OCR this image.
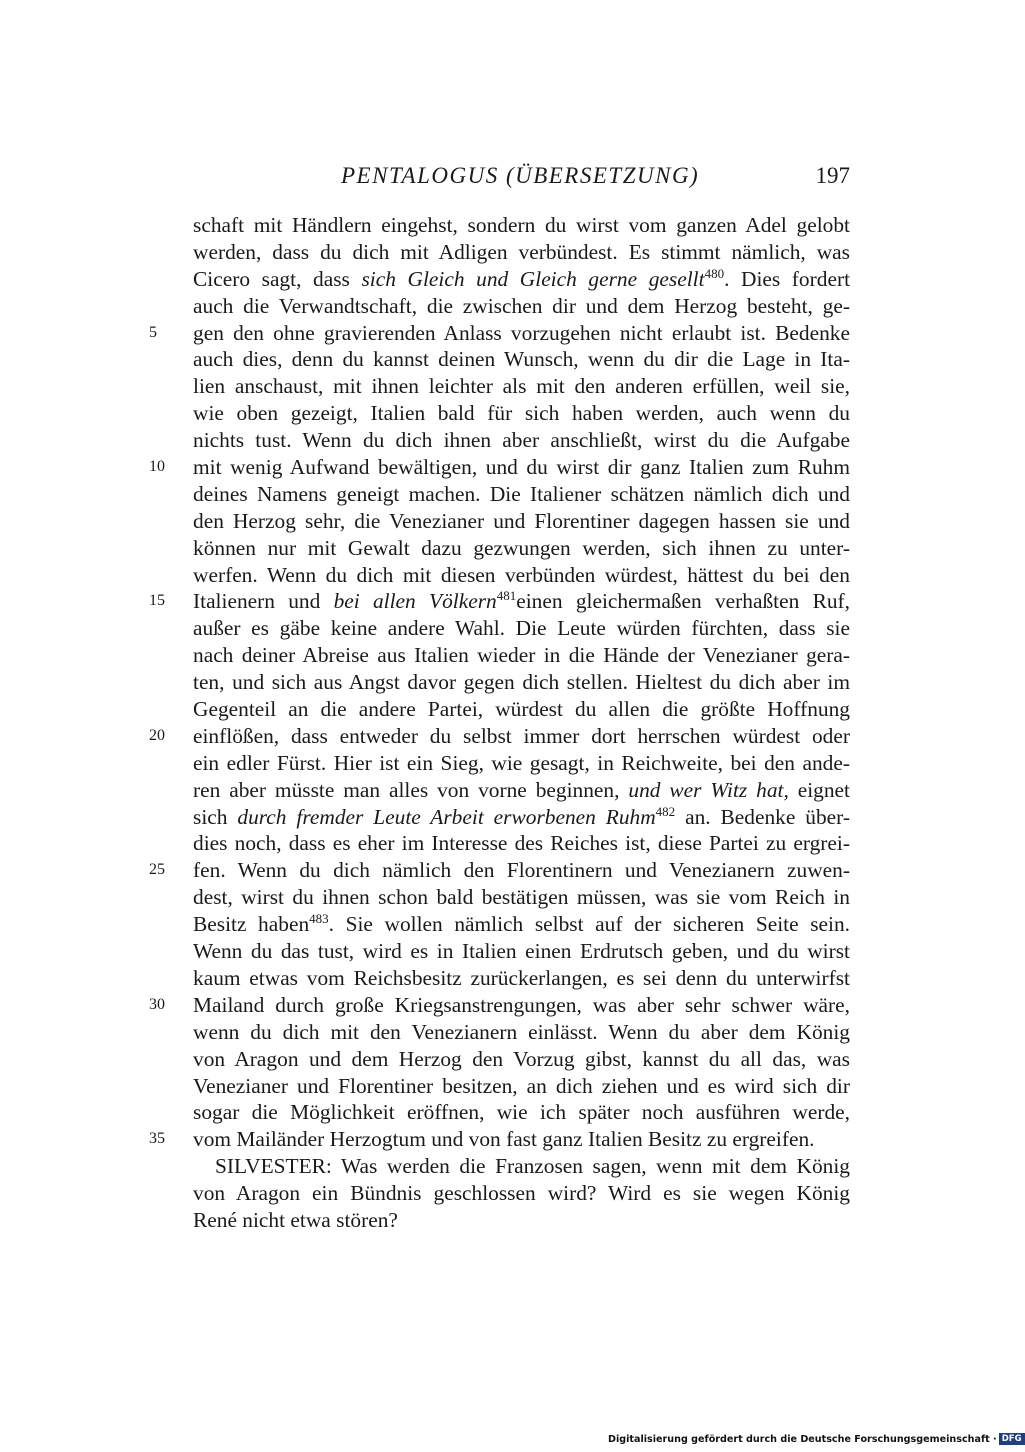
PENTALOGUS (ÜBERSETZUNG)	197
schaft mit Händlern eingehst, sondern du wirst vom ganzen Adel gelobt
werden, dass du dich mit Adligen verbündest. Es stimmt nämlich, was
Cicero sagt, dass sich Gleich und Gleich gerne gesellt$^{480}$. Dies fordert
auch die Verwandtschaft, die zwischen dir und dem Herzog besteht, ge-
5	gen den ohne gravierenden Anlass vorzugehen nicht erlaubt ist. Bedenke
auch dies, denn du kannst deinen Wunsch, wenn du dir die Lage in Ita-
lien anschaust, mit ihnen leichter als mit den anderen erfüllen, weil sie,
wie oben gezeigt, Italien bald für sich haben werden, auch wenn du
nichts tust. Wenn du dich ihnen aber anschließt, wirst du die Aufgabe
10	mit wenig Aufwand bewältigen, und du wirst dir ganz Italien zum Ruhm
deines Namens geneigt machen. Die Italiener schätzen nämlich dich und
den Herzog sehr, die Venezianer und Florentiner dagegen hassen sie und
können nur mit Gewalt dazu gezwungen werden, sich ihnen zu unter-
werfen. Wenn du dich mit diesen verbünden würdest, hättest du bei den
15	Italienern und bei allen Völkern$^{481}$einen gleichermaßen verhaßten Ruf,
außer es gäbe keine andere Wahl. Die Leute würden fürchten, dass sie
nach deiner Abreise aus Italien wieder in die Hände der Venezianer gera-
ten, und sich aus Angst davor gegen dich stellen. Hieltest du dich aber im
Gegenteil an die andere Partei, würdest du allen die größte Hoffnung
20	einflößen, dass entweder du selbst immer dort herrschen würdest oder
ein edler Fürst. Hier ist ein Sieg, wie gesagt, in Reichweite, bei den ande-
ren aber müsste man alles von vorne beginnen, und wer Witz hat, eignet
sich durch fremder Leute Arbeit erworbenen Ruhm$^{482}$ an. Bedenke über-
dies noch, dass es eher im Interesse des Reiches ist, diese Partei zu ergrei-
25	fen. Wenn du dich nämlich den Florentinern und Venezianern zuwen-
dest, wirst du ihnen schon bald bestätigen müssen, was sie vom Reich in
Besitz haben$^{483}$. Sie wollen nämlich selbst auf der sicheren Seite sein.
Wenn du das tust, wird es in Italien einen Erdrutsch geben, und du wirst
kaum etwas vom Reichsbesitz zurückerlangen, es sei denn du unterwirfst
30	Mailand durch große Kriegsanstrengungen, was aber sehr schwer wäre,
wenn du dich mit den Venezianern einlässt. Wenn du aber dem König
von Aragon und dem Herzog den Vorzug gibst, kannst du all das, was
Venezianer und Florentiner besitzen, an dich ziehen und es wird sich dir
sogar die Möglichkeit eröffnen, wie ich später noch ausführen werde,
35	vom Mailänder Herzogtum und von fast ganz Italien Besitz zu ergreifen.
SILVESTER: Was werden die Franzosen sagen, wenn mit dem König
von Aragon ein Bündnis geschlossen wird? Wird es sie wegen König
René nicht etwa stören?
Digitalisierung gefördert durch die Deutsche Forschungsgemeinschaft · DFG
